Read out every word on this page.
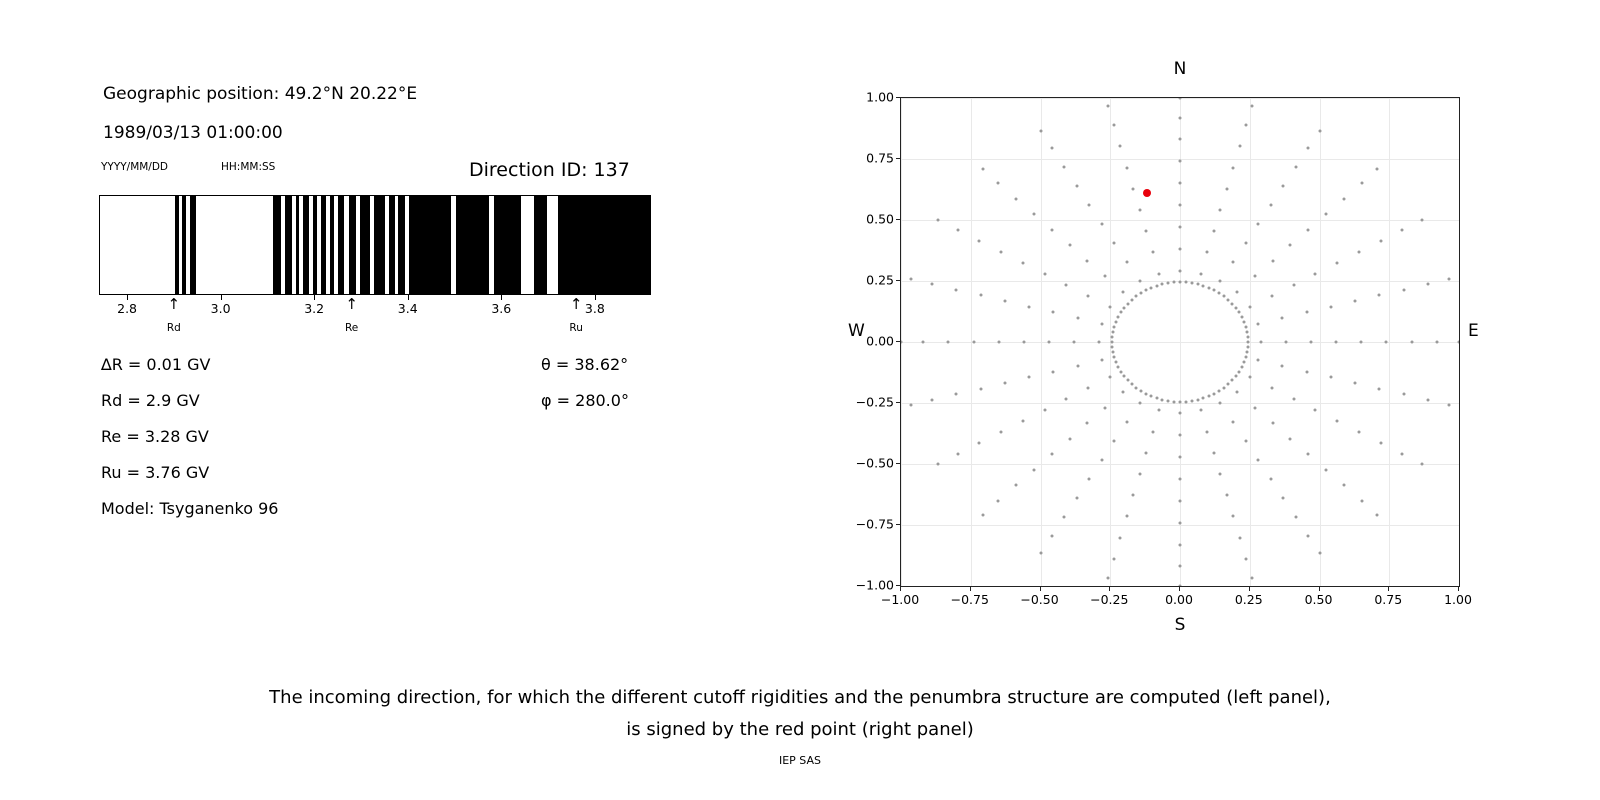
Geographic position: 49.2°N 20.22°E
1989/03/13 01:00:00
YYYY/MM/DD	HH:MM:SS	Direction ID: 137
2.8	3.0	3.2	3.4	3.6	3.8
↑
Rd
↑
Re
↑
Ru
∆R = 0.01 GV
Rd = 2.9 GV
Re = 3.28 GV
Ru = 3.76 GV
Model: Tsyganenko 96
θ = 38.62°
φ = 280.0°
N
S
W	E
−1.00	−0.75	−0.50	−0.25	0.00	0.25	0.50	0.75	1.00
−1.00
−0.75
−0.50
−0.25
0.00
0.25
0.50
0.75
1.00
The incoming direction, for which the different cutoff rigidities and the penumbra structure are computed (left panel),
is signed by the red point (right panel)
IEP SAS
